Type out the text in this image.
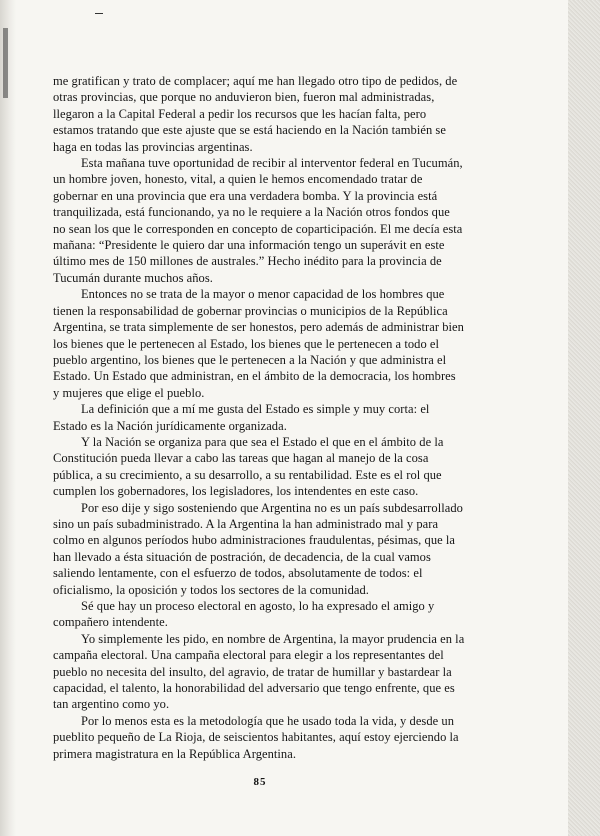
me gratifican y trato de complacer; aquí me han llegado otro tipo de pedidos, de otras provincias, que porque no anduvieron bien, fueron mal administradas, llegaron a la Capital Federal a pedir los recursos que les hacían falta, pero estamos tratando que este ajuste que se está haciendo en la Nación también se haga en todas las provincias argentinas.

Esta mañana tuve oportunidad de recibir al interventor federal en Tucumán, un hombre joven, honesto, vital, a quien le hemos encomendado tratar de gobernar en una provincia que era una verdadera bomba. Y la provincia está tranquilizada, está funcionando, ya no le requiere a la Nación otros fondos que no sean los que le corresponden en concepto de coparticipación. El me decía esta mañana: “Presidente le quiero dar una información tengo un superávit en este último mes de 150 millones de australes.” Hecho inédito para la provincia de Tucumán durante muchos años.

Entonces no se trata de la mayor o menor capacidad de los hombres que tienen la responsabilidad de gobernar provincias o municipios de la República Argentina, se trata simplemente de ser honestos, pero además de administrar bien los bienes que le pertenecen al Estado, los bienes que le pertenecen a todo el pueblo argentino, los bienes que le pertenecen a la Nación y que administra el Estado. Un Estado que administran, en el ámbito de la democracia, los hombres y mujeres que elige el pueblo.

La definición que a mí me gusta del Estado es simple y muy corta: el Estado es la Nación jurídicamente organizada.

Y la Nación se organiza para que sea el Estado el que en el ámbito de la Constitución pueda llevar a cabo las tareas que hagan al manejo de la cosa pública, a su crecimiento, a su desarrollo, a su rentabilidad. Este es el rol que cumplen los gobernadores, los legisladores, los intendentes en este caso.

Por eso dije y sigo sosteniendo que Argentina no es un país subdesarrollado sino un país subadministrado. A la Argentina la han administrado mal y para colmo en algunos períodos hubo administraciones fraudulentas, pésimas, que la han llevado a ésta situación de postración, de decadencia, de la cual vamos saliendo lentamente, con el esfuerzo de todos, absolutamente de todos: el oficialismo, la oposición y todos los sectores de la comunidad.

Sé que hay un proceso electoral en agosto, lo ha expresado el amigo y compañero intendente.

Yo simplemente les pido, en nombre de Argentina, la mayor prudencia en la campaña electoral. Una campaña electoral para elegir a los representantes del pueblo no necesita del insulto, del agravio, de tratar de humillar y bastardear la capacidad, el talento, la honorabilidad del adversario que tengo enfrente, que es tan argentino como yo.

Por lo menos esta es la metodología que he usado toda la vida, y desde un pueblito pequeño de La Rioja, de seiscientos habitantes, aquí estoy ejerciendo la primera magistratura en la República Argentina.

85
